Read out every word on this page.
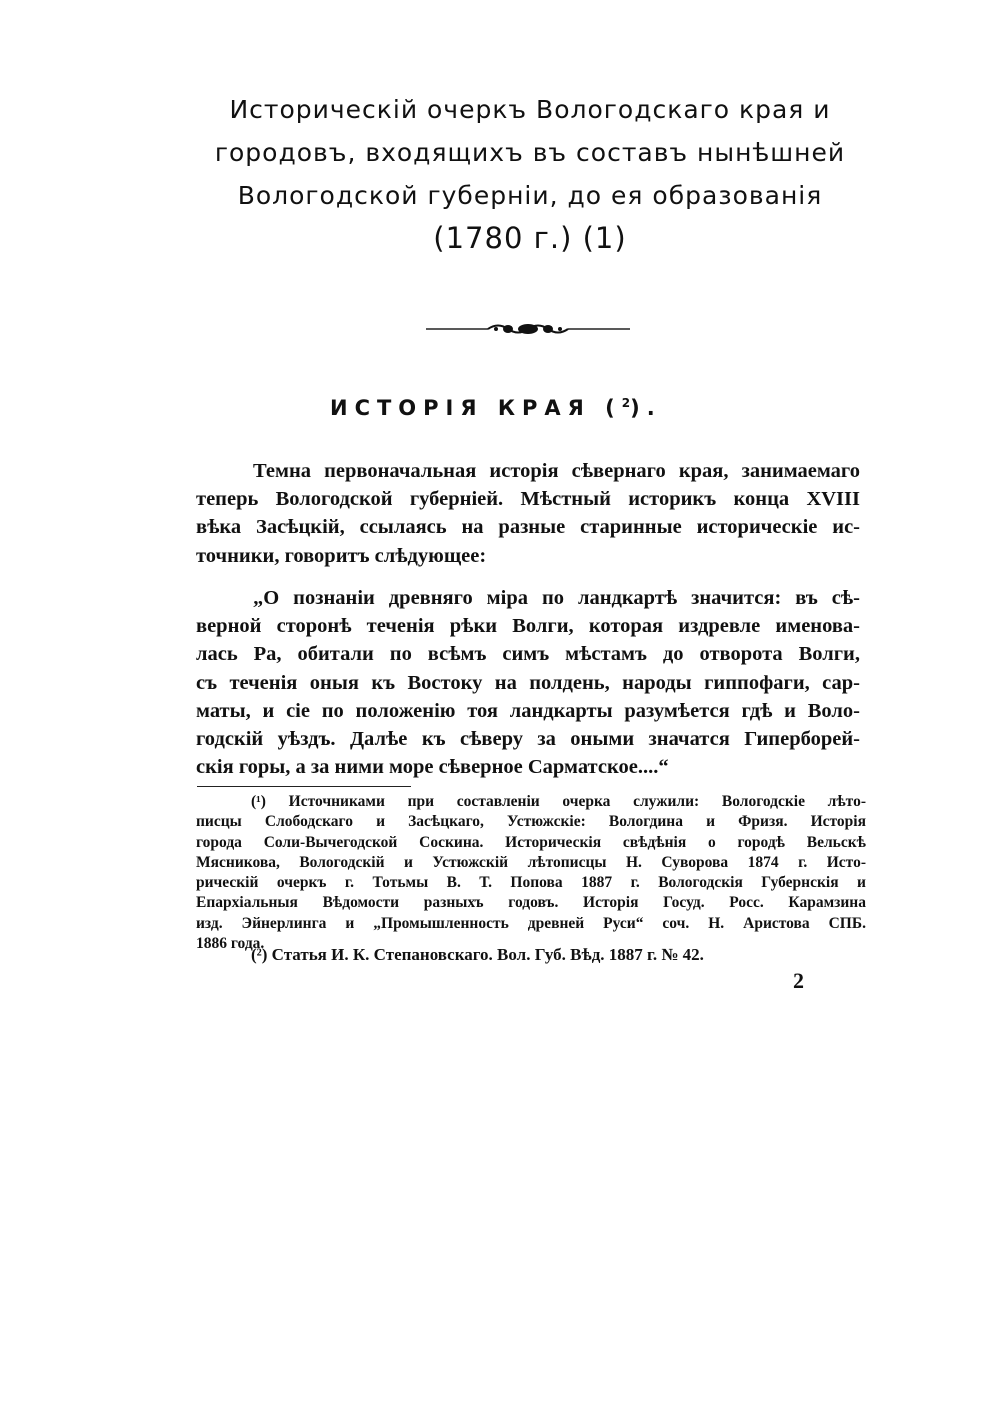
Историческій очеркъ Вологодскаго края и
городовъ, входящихъ въ составъ нынѣшней
Вологодской губерніи, до ея образованія
(1780 г.) (1)
ИСТОРІЯ КРАЯ ($^2$).
Темна первоначальная исторія сѣвернаго края, занимаемаго
теперь Вологодской губерніей. Мѣстный историкъ конца XVIII
вѣка Засѣцкій, ссылаясь на разные старинные историческіе ис-
точники, говоритъ слѣдующее:
„О познаніи древняго міра по ландкартѣ значится: въ сѣ-
верной сторонѣ теченія рѣки Волги, которая издревле именова-
лась Ра, обитали по всѣмъ симъ мѣстамъ до отворота Волги,
съ теченія оныя къ Востоку на полдень, народы гиппофаги, сар-
маты, и сіе по положенію тоя ландкарты разумѣется гдѣ и Воло-
годскій уѣздъ. Далѣе къ сѣверу за оными значатся Гиперборей-
скія горы, а за ними море сѣверное Сарматское....“
(¹) Источниками при составленіи очерка служили: Вологодскіе лѣто-
писцы Слободскаго и Засѣцкаго, Устюжскіе: Вологдина и Фризя. Исторія
города Соли-Вычегодской Соскина. Историческія свѣдѣнія о городѣ Вельскѣ
Мясникова, Вологодскій и Устюжскій лѣтописцы Н. Суворова 1874 г. Исто-
рическій очеркъ г. Тотьмы В. Т. Попова 1887 г. Вологодскія Губернскія и
Епархіальныя Вѣдомости разныхъ годовъ. Исторія Госуд. Росс. Карамзина
изд. Эйнерлинга и „Промышленность древней Руси“ соч. Н. Аристова СПБ.
1886 года.
(²) Статья И. К. Степановскаго. Вол. Губ. Вѣд. 1887 г. № 42.
2
